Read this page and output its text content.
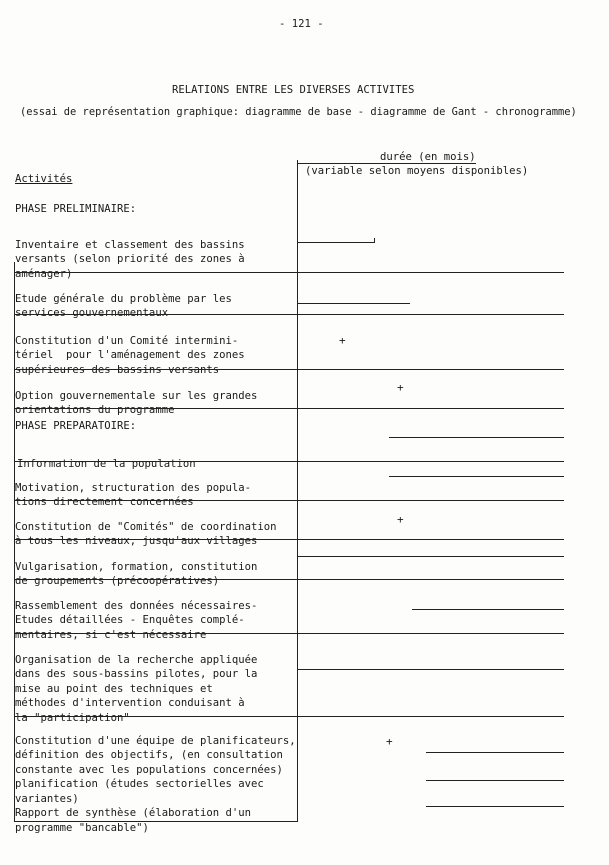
- 121 -
RELATIONS ENTRE LES DIVERSES ACTIVITES
(essai de représentation graphique: diagramme de base - diagramme de Gant - chronogramme)
durée (en mois)
(variable selon moyens disponibles)
Activités
PHASE PRELIMINAIRE:

Inventaire et classement des bassins
versants (selon priorité des zones à
aménager)

Etude générale du problème par les
services gouvernementaux

Constitution d'un Comité intermini-
tériel  pour l'aménagement des zones
supérieures des bassins versants

+

Option gouvernementale sur les grandes
orientations du programme

+
PHASE PREPARATOIRE:

Information de la population

Motivation, structuration des popula-
tions directement concernées

Constitution de "Comités" de coordination
à tous les niveaux, jusqu'aux villages

+

Vulgarisation, formation, constitution
de groupements (précoopératives)

Rassemblement des données nécessaires-
Etudes détaillées - Enquêtes complé-
mentaires, si c'est nécessaire

Organisation de la recherche appliquée
dans des sous-bassins pilotes, pour la
mise au point des techniques et
méthodes d'intervention conduisant à
la "participation"

Constitution d'une équipe de planificateurs,
définition des objectifs, (en consultation
constante avec les populations concernées)
planification (études sectorielles avec
variantes)
Rapport de synthèse (élaboration d'un
programme "bancable")

+
